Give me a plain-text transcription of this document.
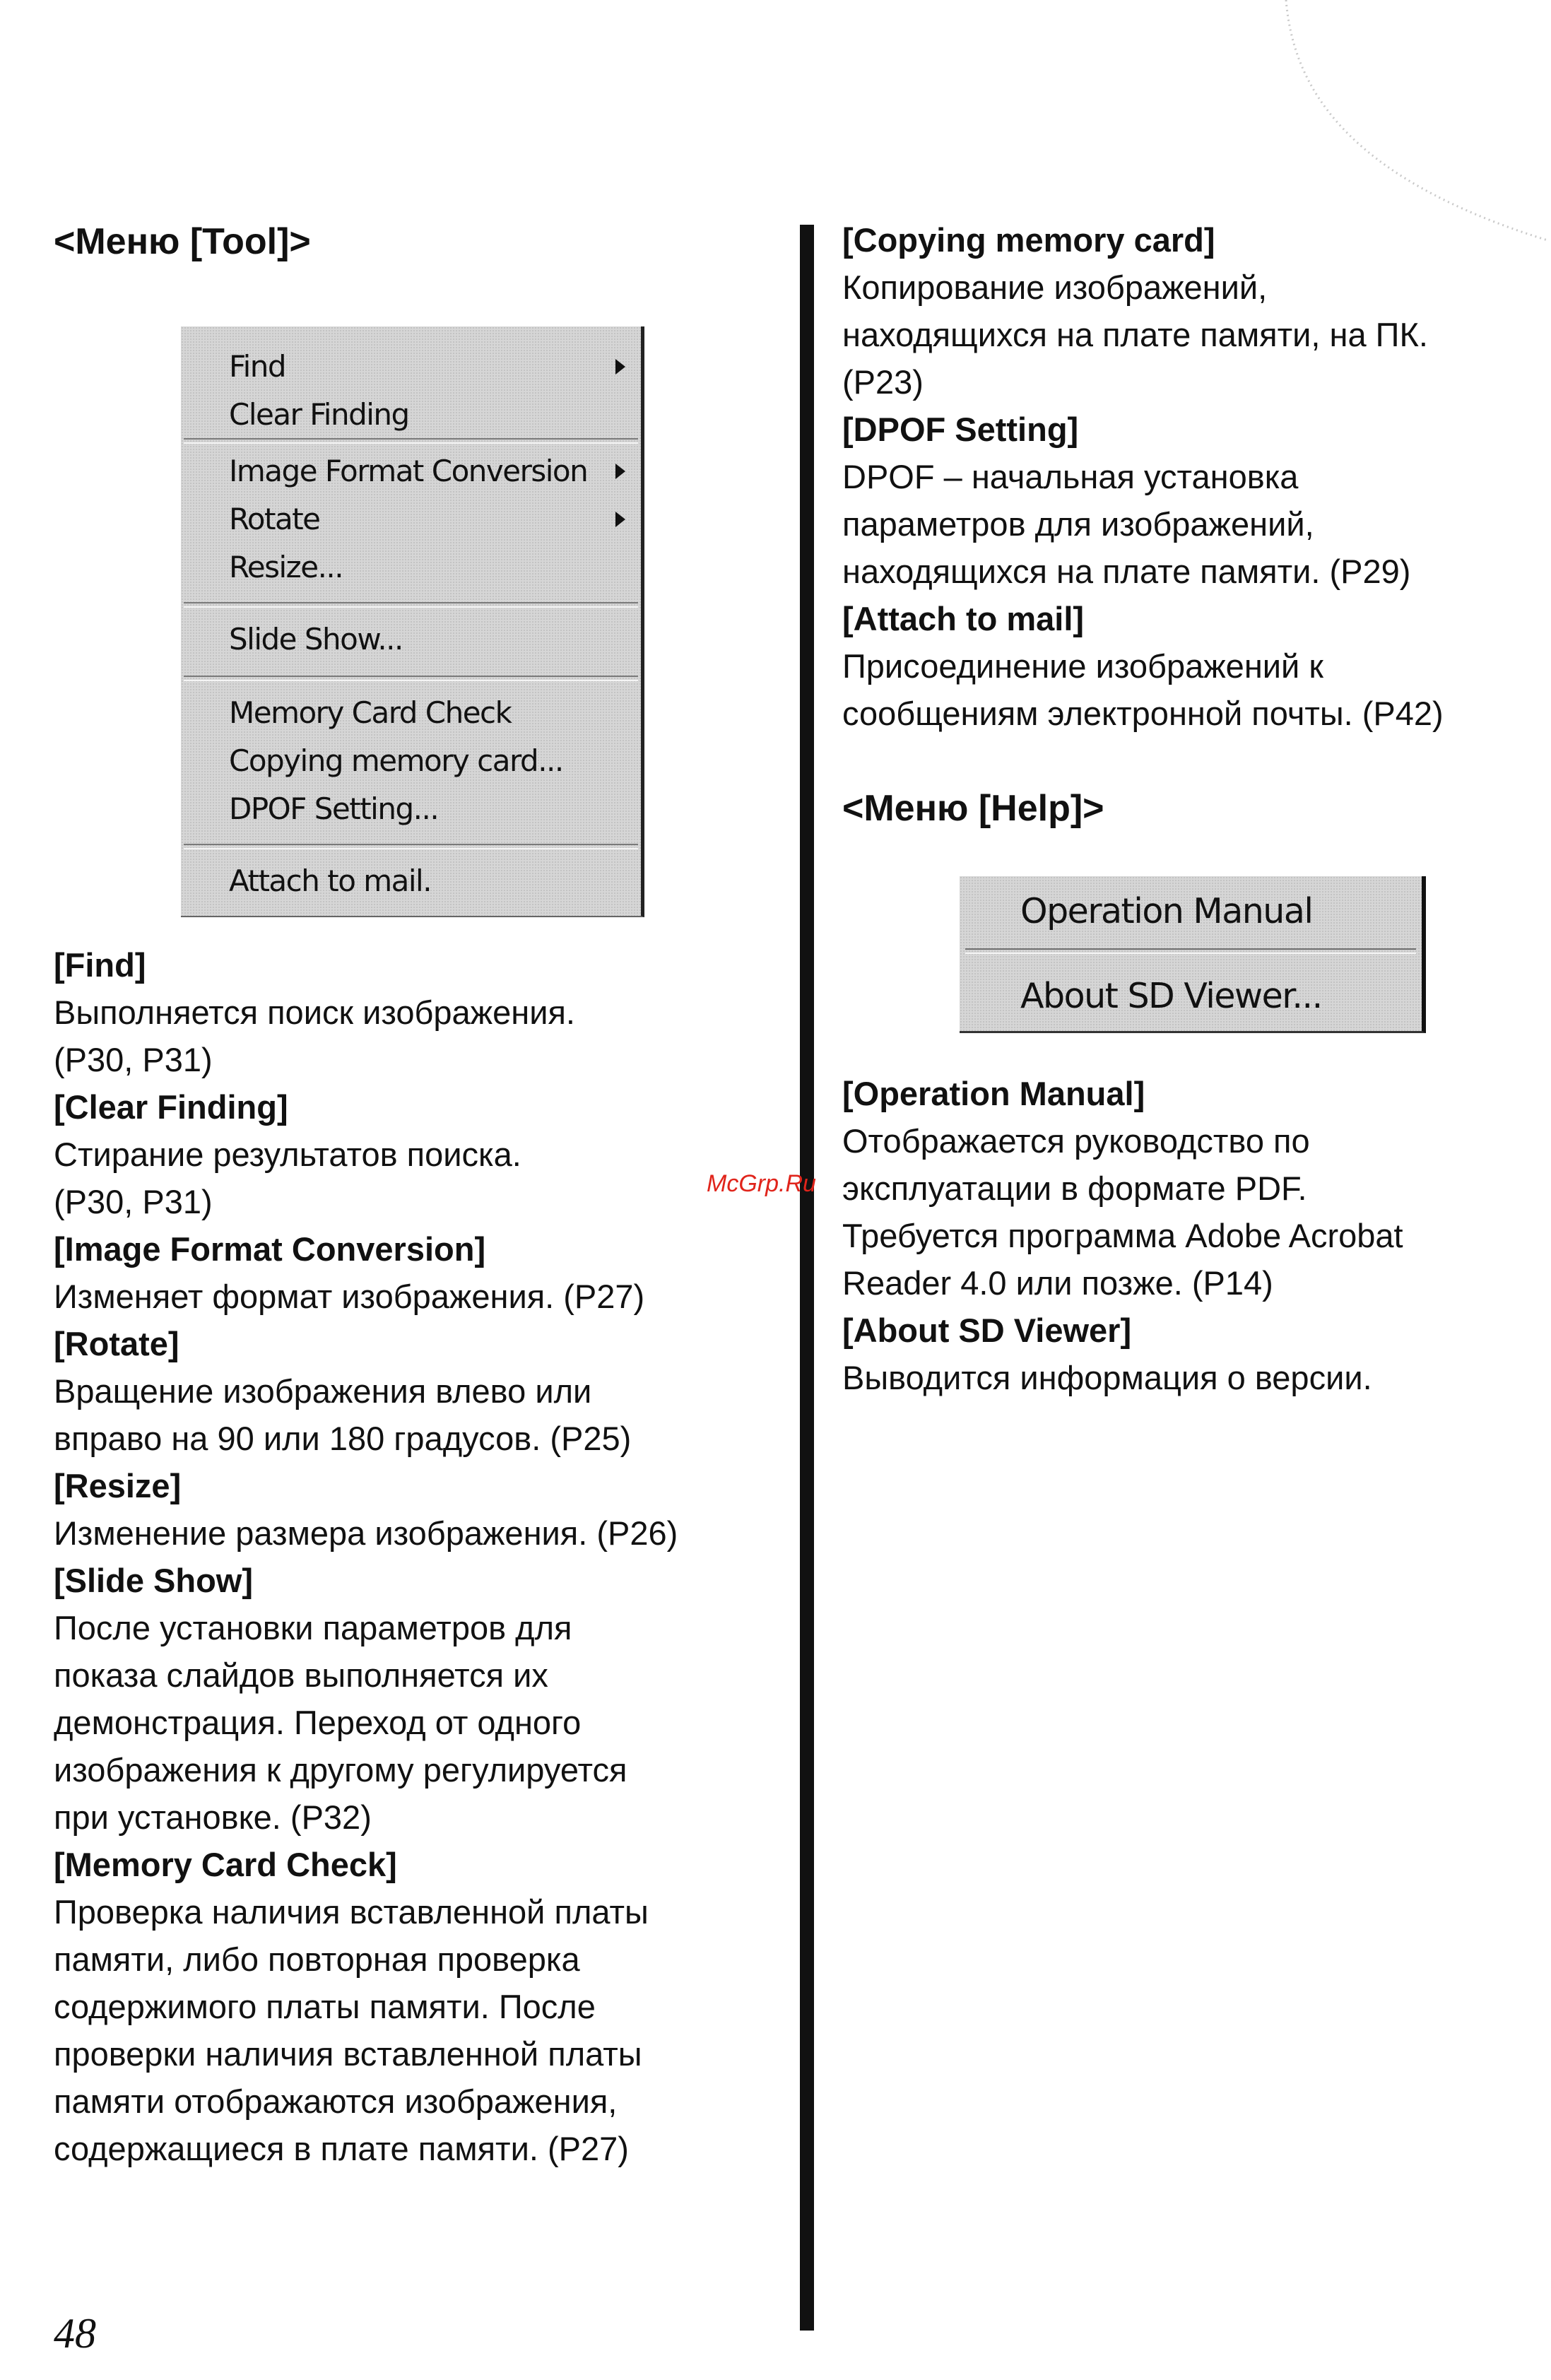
<Меню [Tool]>

[Find]

Выполняется поиск изображения.
(P30, P31)

[Clear Finding]

Стирание результатов поиска.
(P30, P31)

[Image Format Conversion]

Изменяет формат изображения. (P27)

[Rotate]

Вращение изображения влево или
вправо на 90 или 180 градусов. (P25)

[Resize]

Изменение размера изображения. (P26)

[Slide Show]

После установки параметров для
показа слайдов выполняется их
демонстрация. Переход от одного
изображения к другому регулируется
при установке. (P32)

[Memory Card Check]

Проверка наличия вставленной платы
памяти, либо повторная проверка
содержимого платы памяти. После
проверки наличия вставленной платы
памяти отображаются изображения,
содержащиеся в плате памяти. (P27)

Find
Clear Finding
Image Format Conversion
Rotate
Resize...
Slide Show...
Memory Card Check
Copying memory card...
DPOF Setting...
Attach to mail.

[Copying memory card]

Копирование изображений,
находящихся на плате памяти, на ПК.
(P23)

[DPOF Setting]

DPOF – начальная установка
параметров для изображений,
находящихся на плате памяти. (P29)

[Attach to mail]

Присоединение изображений к
сообщениям электронной почты. (P42)

<Меню [Help]>

[Operation Manual]

Отображается руководство по
эксплуатации в формате PDF.
Требуется программа Adobe Acrobat
Reader 4.0 или позже. (P14)

[About SD Viewer]

Выводится информация о версии.

Operation Manual
About SD Viewer...
McGrp.Ru
48
